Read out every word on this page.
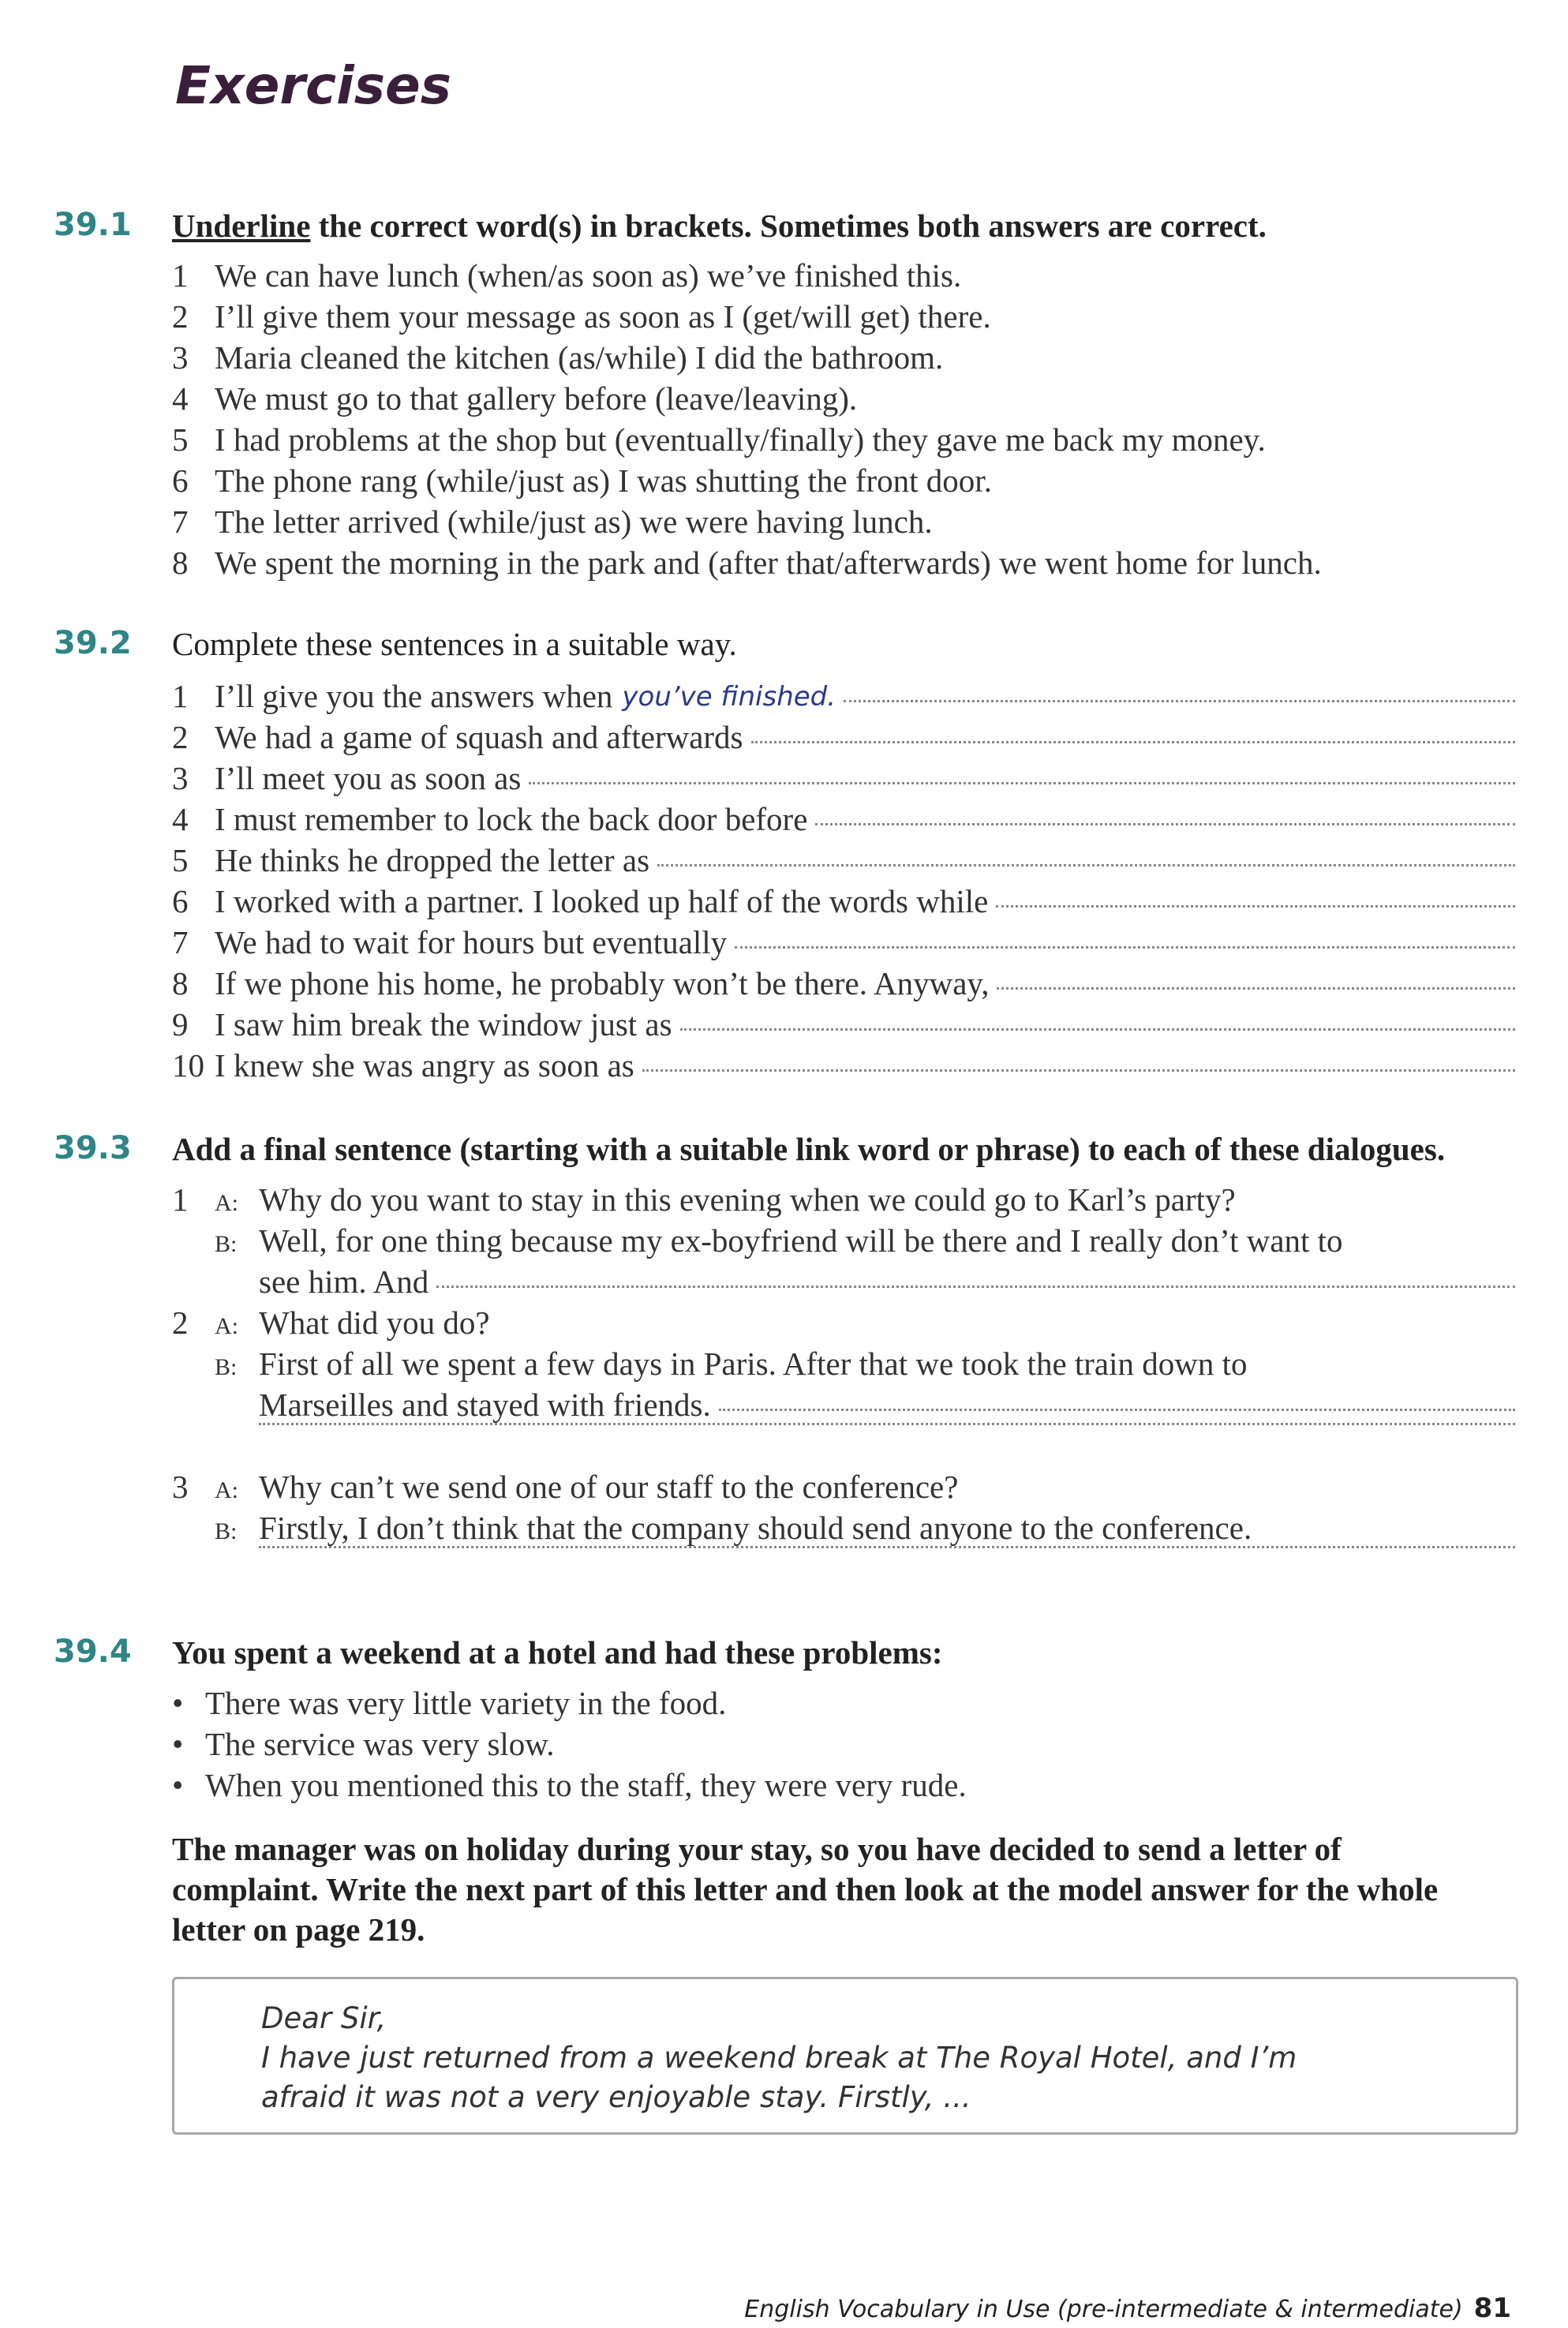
Exercises
39.1 Underline the correct word(s) in brackets. Sometimes both answers are correct.
1 We can have lunch (when/as soon as) we’ve finished this.
2 I’ll give them your message as soon as I (get/will get) there.
3 Maria cleaned the kitchen (as/while) I did the bathroom.
4 We must go to that gallery before (leave/leaving).
5 I had problems at the shop but (eventually/finally) they gave me back my money.
6 The phone rang (while/just as) I was shutting the front door.
7 The letter arrived (while/just as) we were having lunch.
8 We spent the morning in the park and (after that/afterwards) we went home for lunch.
39.2 Complete these sentences in a suitable way.
1 I’ll give you the answers when you’ve finished.
2 We had a game of squash and afterwards
3 I’ll meet you as soon as
4 I must remember to lock the back door before
5 He thinks he dropped the letter as
6 I worked with a partner. I looked up half of the words while
7 We had to wait for hours but eventually
8 If we phone his home, he probably won’t be there. Anyway,
9 I saw him break the window just as
10 I knew she was angry as soon as
39.3 Add a final sentence (starting with a suitable link word or phrase) to each of these dialogues.
1 A: Why do you want to stay in this evening when we could go to Karl’s party?
B: Well, for one thing because my ex-boyfriend will be there and I really don’t want to
see him. And
2 A: What did you do?
B: First of all we spent a few days in Paris. After that we took the train down to
Marseilles and stayed with friends.
3 A: Why can’t we send one of our staff to the conference?
B: Firstly, I don’t think that the company should send anyone to the conference.
39.4 You spent a weekend at a hotel and had these problems:
• There was very little variety in the food.
• The service was very slow.
• When you mentioned this to the staff, they were very rude.
The manager was on holiday during your stay, so you have decided to send a letter of complaint. Write the next part of this letter and then look at the model answer for the whole letter on page 219.
Dear Sir,
I have just returned from a weekend break at The Royal Hotel, and I’m
afraid it was not a very enjoyable stay. Firstly, ...
English Vocabulary in Use (pre-intermediate & intermediate) 81
